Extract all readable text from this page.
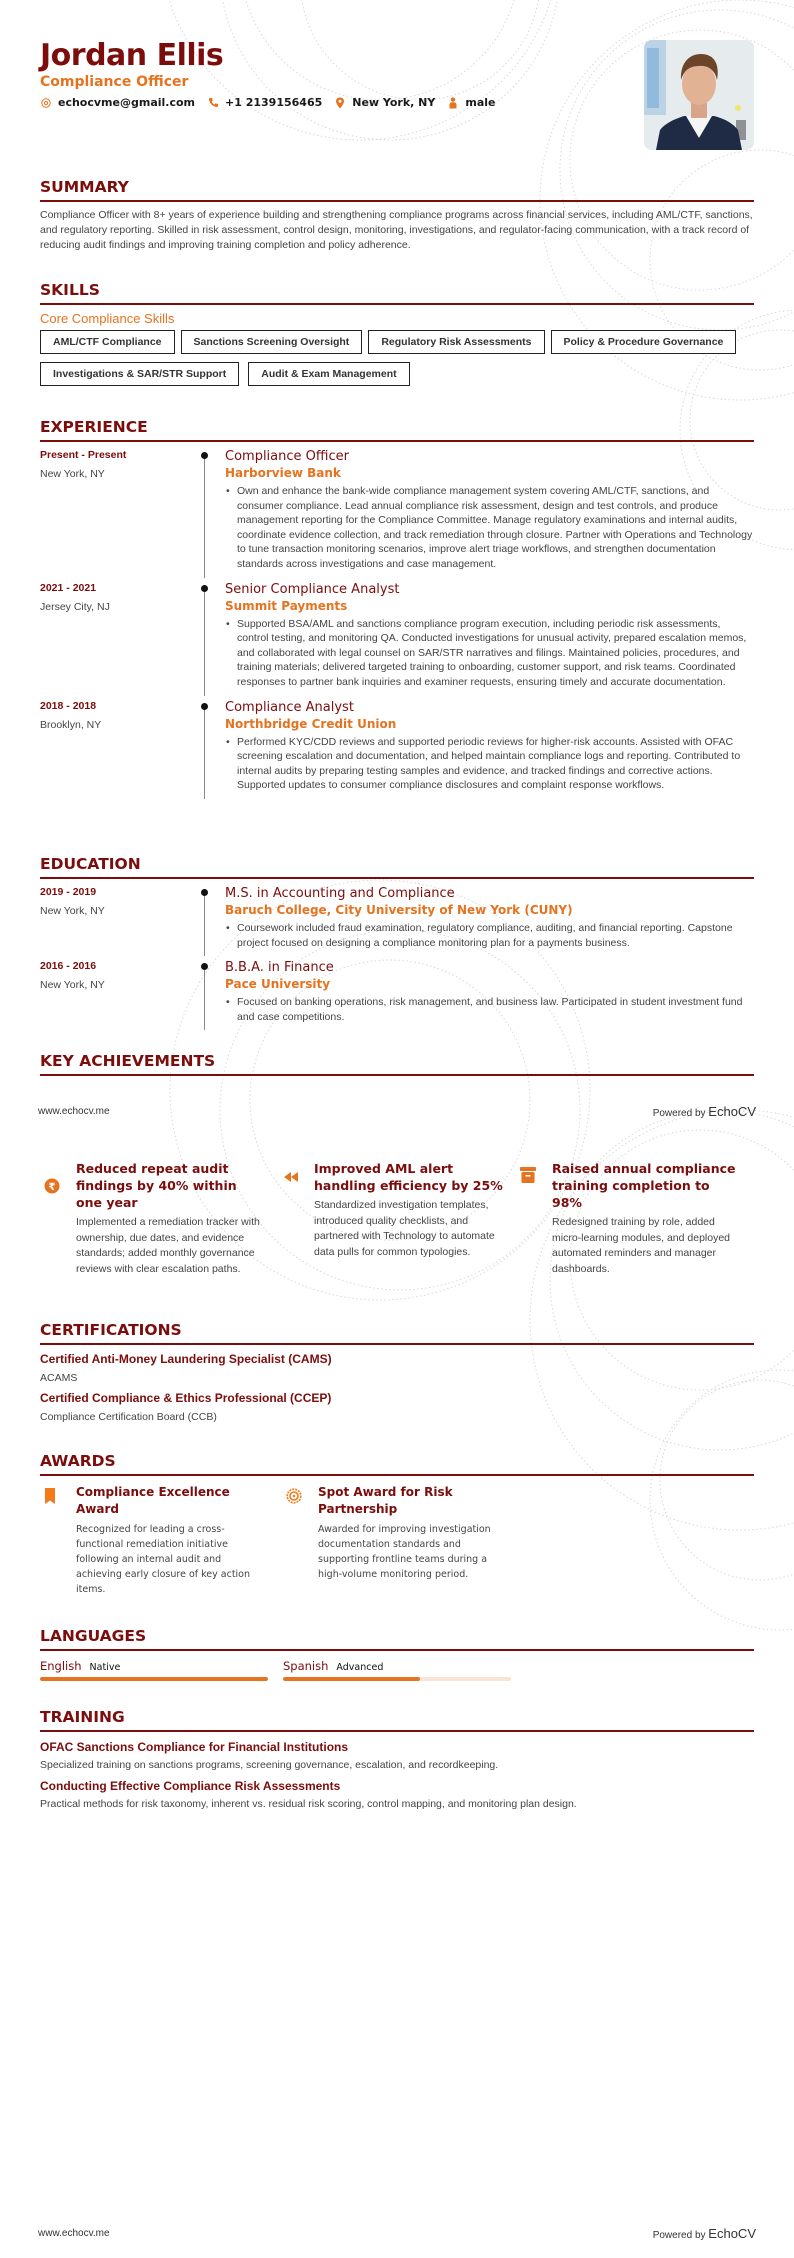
Jordan Ellis
Compliance Officer
echocvme@gmail.com	+1 2139156465	New York, NY	male
SUMMARY
Compliance Officer with 8+ years of experience building and strengthening compliance programs across financial services, including AML/CTF, sanctions, and regulatory reporting. Skilled in risk assessment, control design, monitoring, investigations, and regulator-facing communication, with a track record of reducing audit findings and improving training completion and policy adherence.
SKILLS
Core Compliance Skills
AML/CTF Compliance	Sanctions Screening Oversight	Regulatory Risk Assessments	Policy & Procedure Governance
Investigations & SAR/STR Support	Audit & Exam Management
EXPERIENCE
Present - Present
New York, NY
Compliance Officer
Harborview Bank
• Own and enhance the bank-wide compliance management system covering AML/CTF, sanctions, and consumer compliance. Lead annual compliance risk assessment, design and test controls, and produce management reporting for the Compliance Committee. Manage regulatory examinations and internal audits, coordinate evidence collection, and track remediation through closure. Partner with Operations and Technology to tune transaction monitoring scenarios, improve alert triage workflows, and strengthen documentation standards across investigations and case management.
2021 - 2021
Jersey City, NJ
Senior Compliance Analyst
Summit Payments
• Supported BSA/AML and sanctions compliance program execution, including periodic risk assessments, control testing, and monitoring QA. Conducted investigations for unusual activity, prepared escalation memos, and collaborated with legal counsel on SAR/STR narratives and filings. Maintained policies, procedures, and training materials; delivered targeted training to onboarding, customer support, and risk teams. Coordinated responses to partner bank inquiries and examiner requests, ensuring timely and accurate documentation.
2018 - 2018
Brooklyn, NY
Compliance Analyst
Northbridge Credit Union
• Performed KYC/CDD reviews and supported periodic reviews for higher-risk accounts. Assisted with OFAC screening escalation and documentation, and helped maintain compliance logs and reporting. Contributed to internal audits by preparing testing samples and evidence, and tracked findings and corrective actions. Supported updates to consumer compliance disclosures and complaint response workflows.
EDUCATION
2019 - 2019
New York, NY
M.S. in Accounting and Compliance
Baruch College, City University of New York (CUNY)
• Coursework included fraud examination, regulatory compliance, auditing, and financial reporting. Capstone project focused on designing a compliance monitoring plan for a payments business.
2016 - 2016
New York, NY
B.B.A. in Finance
Pace University
• Focused on banking operations, risk management, and business law. Participated in student investment fund and case competitions.
KEY ACHIEVEMENTS
www.echocv.me	Powered by EchoCV
₹
Reduced repeat audit findings by 40% within one year
Implemented a remediation tracker with ownership, due dates, and evidence standards; added monthly governance reviews with clear escalation paths.
Improved AML alert handling efficiency by 25%
Standardized investigation templates, introduced quality checklists, and partnered with Technology to automate data pulls for common typologies.
Raised annual compliance training completion to 98%
Redesigned training by role, added micro-learning modules, and deployed automated reminders and manager dashboards.
CERTIFICATIONS
Certified Anti-Money Laundering Specialist (CAMS)
ACAMS
Certified Compliance & Ethics Professional (CCEP)
Compliance Certification Board (CCB)
AWARDS
Compliance Excellence Award
Recognized for leading a cross-functional remediation initiative following an internal audit and achieving early closure of key action items.
Spot Award for Risk Partnership
Awarded for improving investigation documentation standards and supporting frontline teams during a high-volume monitoring period.
LANGUAGES
English Native	Spanish Advanced
TRAINING
OFAC Sanctions Compliance for Financial Institutions
Specialized training on sanctions programs, screening governance, escalation, and recordkeeping.
Conducting Effective Compliance Risk Assessments
Practical methods for risk taxonomy, inherent vs. residual risk scoring, control mapping, and monitoring plan design.
www.echocv.me	Powered by EchoCV
